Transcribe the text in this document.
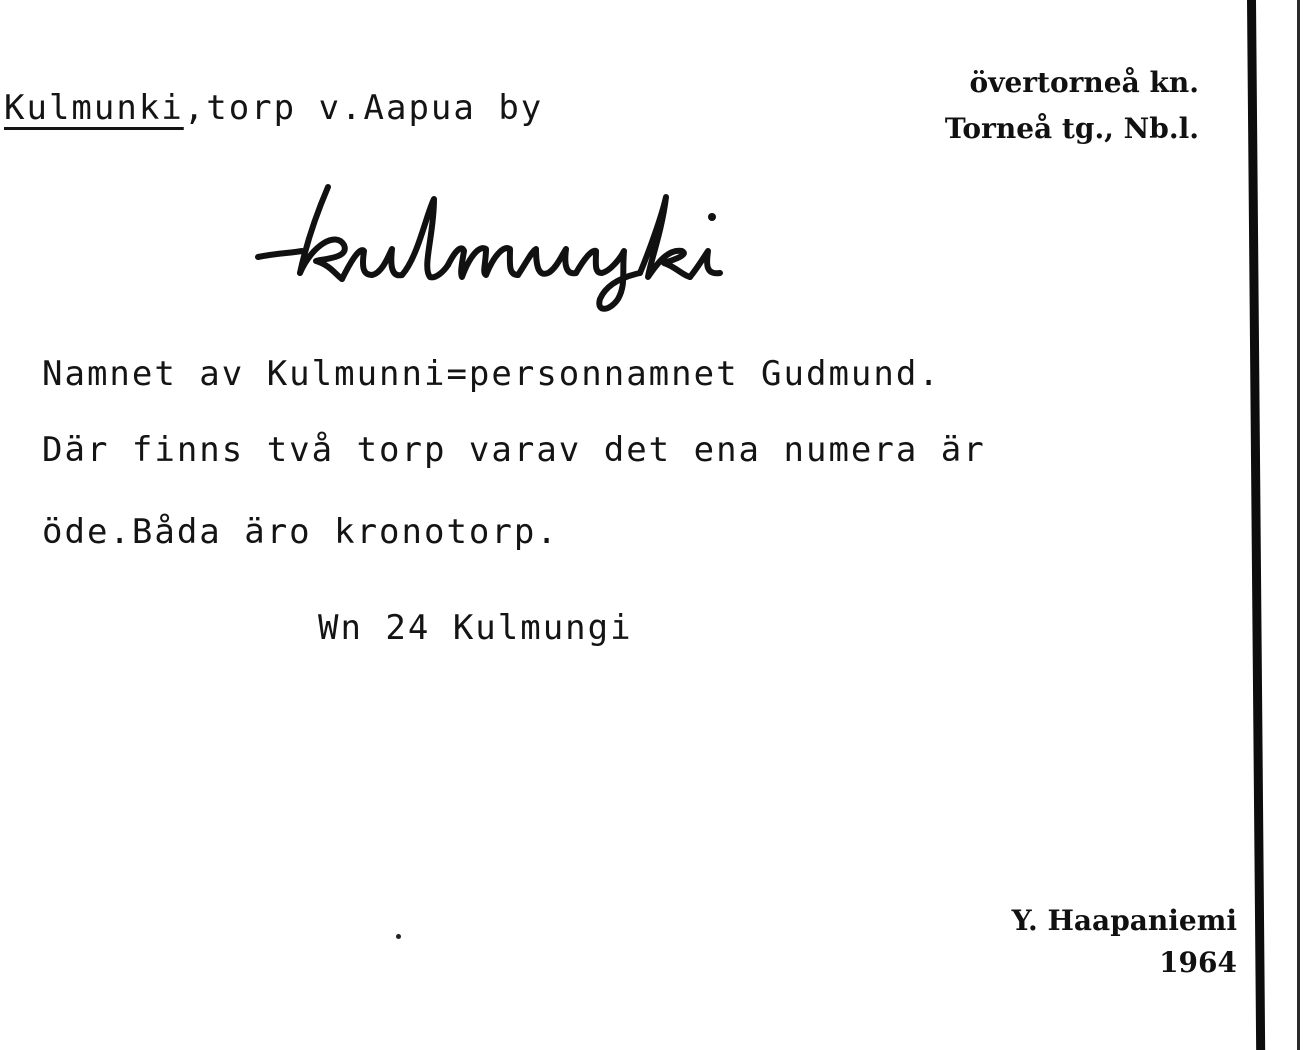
Kulmunki,torp v.Aapua by
övertorneå kn.
Torneå tg., Nb.l.
Namnet av Kulmunni=personnamnet Gudmund.
Där finns två torp varav det ena numera är
öde.Båda äro kronotorp.
Wn 24 Kulmungi
Y. Haapaniemi
1964
